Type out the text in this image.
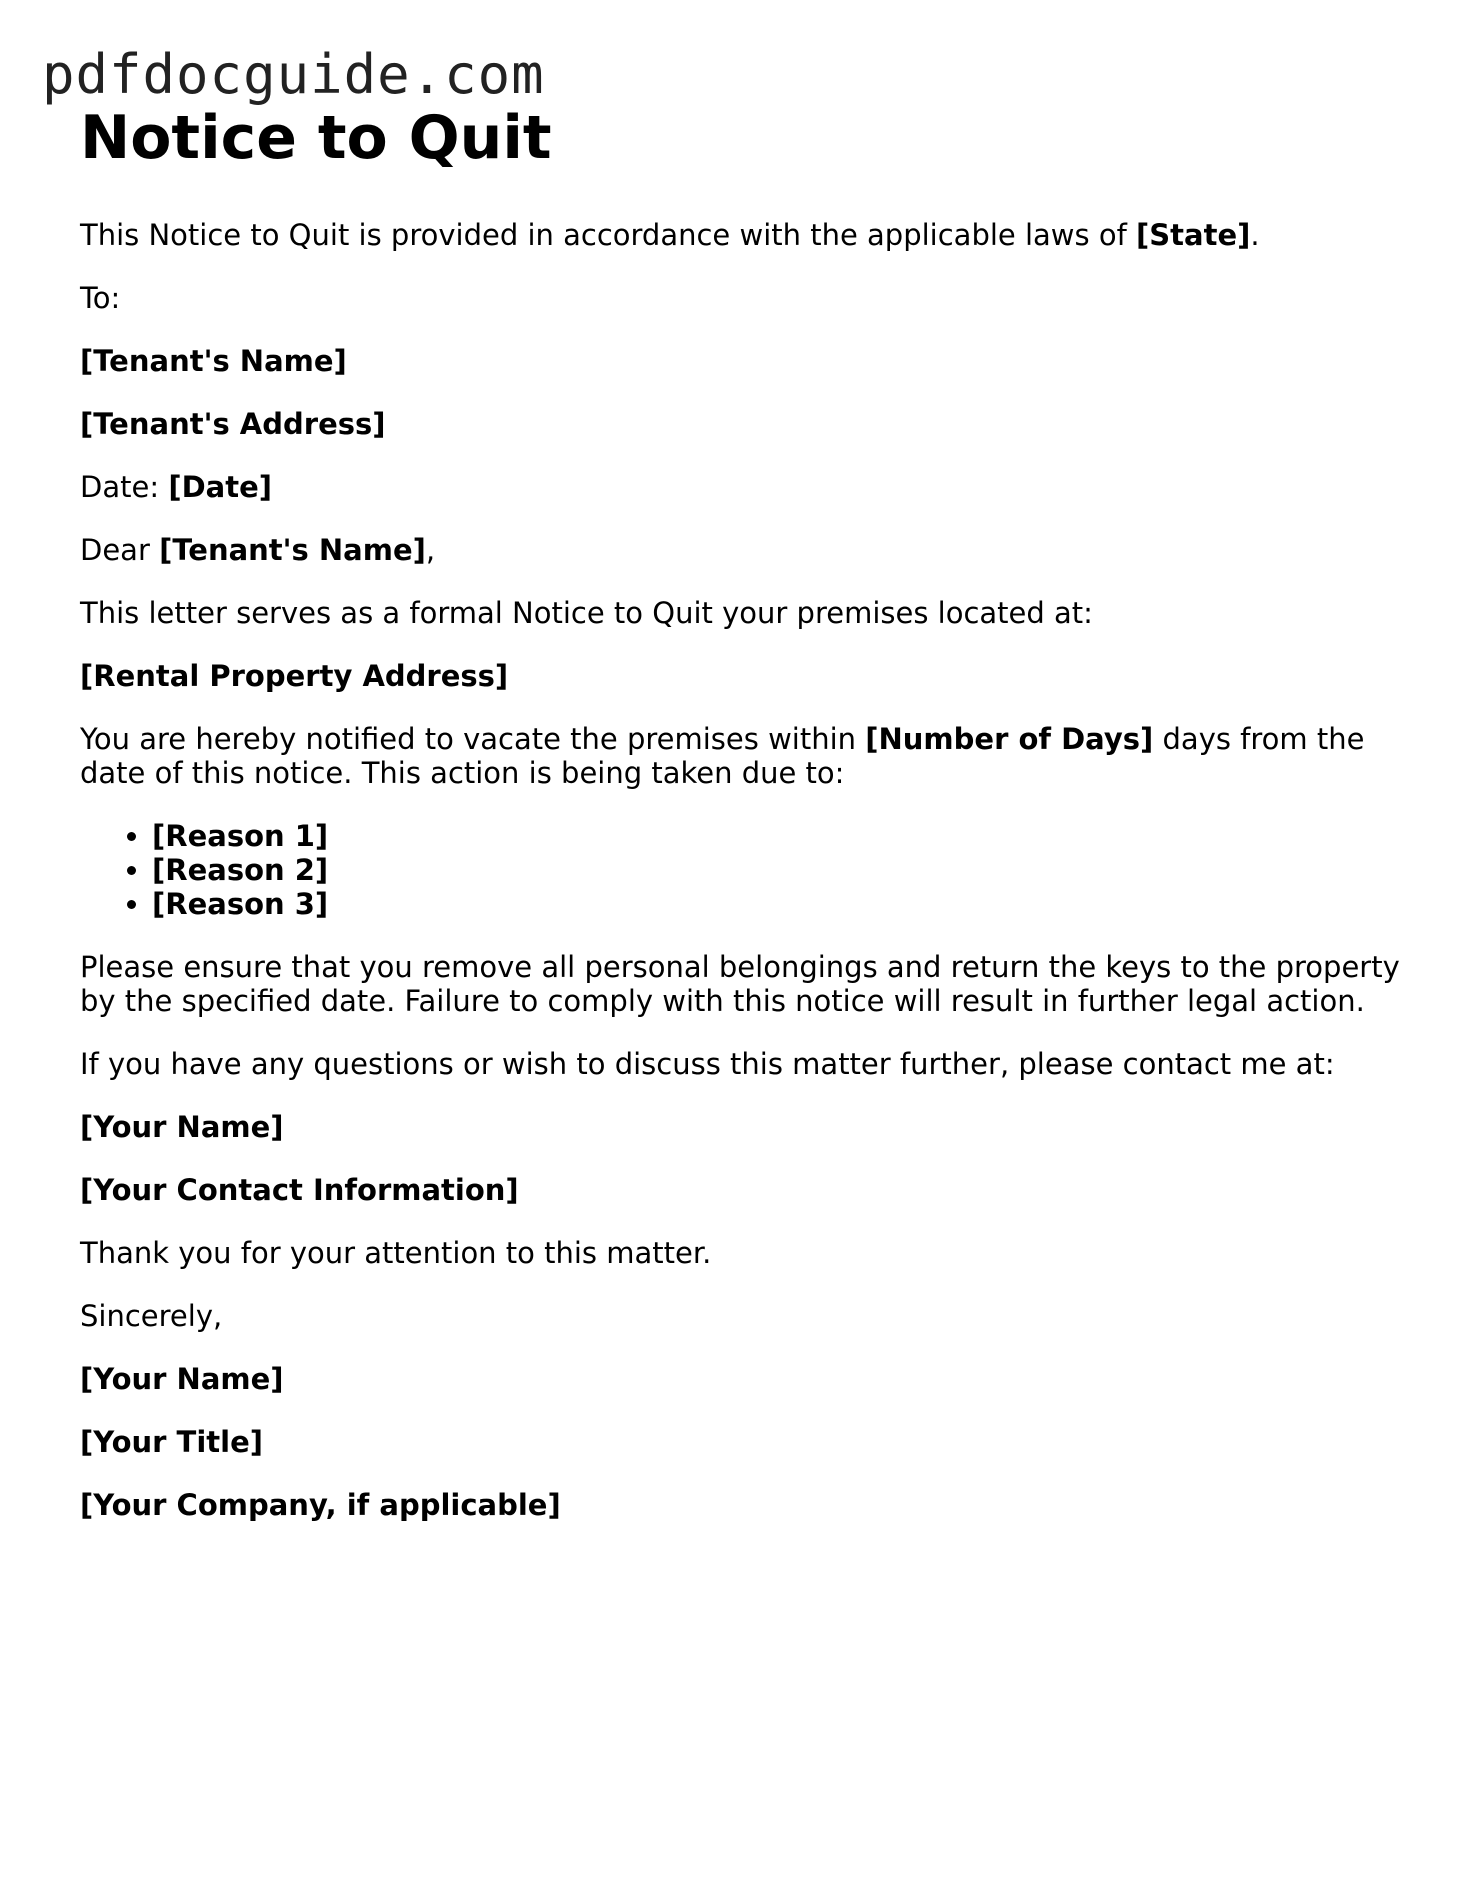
pdfdocguide.com
Notice to Quit

This Notice to Quit is provided in accordance with the applicable laws of [State].

To:

[Tenant's Name]

[Tenant's Address]

Date: [Date]

Dear [Tenant's Name],

This letter serves as a formal Notice to Quit your premises located at:

[Rental Property Address]

You are hereby notified to vacate the premises within [Number of Days] days from the date of this notice. This action is being taken due to:

• [Reason 1]
• [Reason 2]
• [Reason 3]

Please ensure that you remove all personal belongings and return the keys to the property by the specified date. Failure to comply with this notice will result in further legal action.

If you have any questions or wish to discuss this matter further, please contact me at:

[Your Name]

[Your Contact Information]

Thank you for your attention to this matter.

Sincerely,

[Your Name]

[Your Title]

[Your Company, if applicable]
